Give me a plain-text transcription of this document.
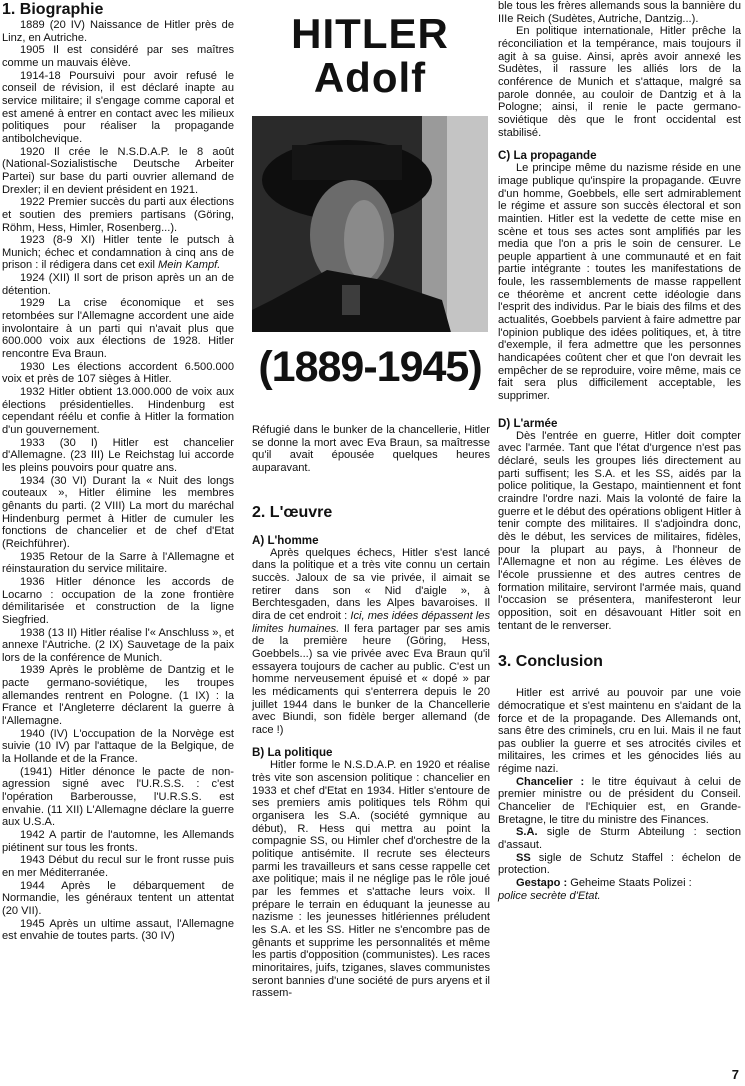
1. Biographie

1889 (20 IV) Naissance de Hitler près de Linz, en Autriche.

1905 Il est considéré par ses maîtres comme un mauvais élève.

1914-18 Poursuivi pour avoir refusé le conseil de révision, il est déclaré inapte au service militaire; il s'engage comme caporal et est amené à entrer en contact avec les milieux politiques pour réaliser la propagande antibolchevique.

1920 Il crée le N.S.D.A.P. le 8 août (National-Sozialistische Deutsche Arbeiter Partei) sur base du parti ouvrier allemand de Drexler; il en devient président en 1921.

1922 Premier succès du parti aux élections et soutien des premiers partisans (Göring, Röhm, Hess, Himler, Rosenberg...).

1923 (8-9 XI) Hitler tente le putsch à Munich; échec et condamnation à cinq ans de prison : il rédigera dans cet exil Mein Kampf.

1924 (XII) Il sort de prison après un an de détention.

1929 La crise économique et ses retombées sur l'Allemagne accordent une aide involontaire à un parti qui n'avait plus que 600.000 voix aux élections de 1928. Hitler rencontre Eva Braun.

1930 Les élections accordent 6.500.000 voix et près de 107 sièges à Hitler.

1932 Hitler obtient 13.000.000 de voix aux élections présidentielles. Hindenburg est cependant réélu et confie à Hitler la formation d'un gouvernement.

1933 (30 I) Hitler est chancelier d'Allemagne. (23 III) Le Reichstag lui accorde les pleins pouvoirs pour quatre ans.

1934 (30 VI) Durant la « Nuit des longs couteaux », Hitler élimine les membres gênants du parti. (2 VIII) La mort du maréchal Hindenburg permet à Hitler de cumuler les fonctions de chancelier et de chef d'Etat (Reichführer).

1935 Retour de la Sarre à l'Allemagne et réinstauration du service militaire.

1936 Hitler dénonce les accords de Locarno : occupation de la zone frontière démilitarisée et construction de la ligne Siegfried.

1938 (13 II) Hitler réalise l'« Anschluss », et annexe l'Autriche. (2 IX) Sauvetage de la paix lors de la conférence de Munich.

1939 Après le problème de Dantzig et le pacte germano-soviétique, les troupes allemandes rentrent en Pologne. (1 IX) : la France et l'Angleterre déclarent la guerre à l'Allemagne.

1940 (IV) L'occupation de la Norvège est suivie (10 IV) par l'attaque de la Belgique, de la Hollande et de la France.

(1941) Hitler dénonce le pacte de non-agression signé avec l'U.R.S.S. : c'est l'opération Barberousse, l'U.R.S.S. est envahie. (11 XII) L'Allemagne déclare la guerre aux U.S.A.

1942 A partir de l'automne, les Allemands piétinent sur tous les fronts.

1943 Début du recul sur le front russe puis en mer Méditerranée.

1944 Après le débarquement de Normandie, les généraux tentent un attentat (20 VII).

1945 Après un ultime assaut, l'Allemagne est envahie de toutes parts. (30 IV)

HITLER
Adolf
(1889-1945)

Réfugié dans le bunker de la chancellerie, Hitler se donne la mort avec Eva Braun, sa maîtresse qu'il avait épousée quelques heures auparavant.

2. L'œuvre
A) L'homme

Après quelques échecs, Hitler s'est lancé dans la politique et a très vite connu un certain succès. Jaloux de sa vie privée, il aimait se retirer dans son « Nid d'aigle », à Berchtesgaden, dans les Alpes bavaroises. Il dira de cet endroit : Ici, mes idées dépassent les limites humaines. Il fera partager par ses amis de la première heure (Göring, Hess, Goebbels...) sa vie privée avec Eva Braun qu'il essayera toujours de cacher au public. C'est un homme nerveusement épuisé et « dopé » par les médicaments qui s'enterrera depuis le 20 juillet 1944 dans le bunker de la Chancellerie avec Biundi, son fidèle berger allemand (de race !)

B) La politique

Hitler forme le N.S.D.A.P. en 1920 et réalise très vite son ascension politique : chancelier en 1933 et chef d'Etat en 1934. Hitler s'entoure de ses premiers amis politiques tels Röhm qui organisera les S.A. (société gymnique au début), R. Hess qui mettra au point la compagnie SS, ou Himler chef d'orchestre de la politique antisémite. Il recrute ses électeurs parmi les travailleurs et sans cesse rappelle cet axe politique; mais il ne néglige pas le rôle joué par les femmes et s'attache leurs voix. Il prépare le terrain en éduquant la jeunesse au nazisme : les jeunesses hitlériennes préludent les S.A. et les SS. Hitler ne s'encombre pas de gênants et supprime les personnalités et même les partis d'opposition (communistes). Les races minoritaires, juifs, tziganes, slaves communistes seront bannies d'une société de purs aryens et il rassem-

ble tous les frères allemands sous la bannière du IIIe Reich (Sudètes, Autriche, Dantzig...).

En politique internationale, Hitler prêche la réconciliation et la tempérance, mais toujours il agit à sa guise. Ainsi, après avoir annexé les Sudètes, il rassure les alliés lors de la conférence de Munich et s'attaque, malgré sa parole donnée, au couloir de Dantzig et à la Pologne; ainsi, il renie le pacte germano-soviétique dès que le front occidental est stabilisé.

C) La propagande

Le principe même du nazisme réside en une image publique qu'inspire la propagande. Œuvre d'un homme, Goebbels, elle sert admirablement le régime et assure son succès électoral et son maintien. Hitler est la vedette de cette mise en scène et tous ses actes sont amplifiés par les media que l'on a pris le soin de censurer. Le peuple appartient à une communauté et en fait partie intégrante : toutes les manifestations de foule, les rassemblements de masse rappellent ce théorème et ancrent cette idéologie dans l'esprit des individus. Par le biais des films et des actualités, Goebbels parvient à faire admettre par l'opinion publique des idées politiques, et, à titre d'exemple, il fera admettre que les personnes handicapées coûtent cher et que l'on devrait les empêcher de se reproduire, voire même, mais ce fait sera plus difficilement acceptable, les supprimer.

D) L'armée

Dès l'entrée en guerre, Hitler doit compter avec l'armée. Tant que l'état d'urgence n'est pas déclaré, seuls les groupes liés directement au parti suffisent; les S.A. et les SS, aidés par la police politique, la Gestapo, maintiennent et font craindre l'ordre nazi. Mais la volonté de faire la guerre et le début des opérations obligent Hitler à tenir compte des militaires. Il s'adjoindra donc, dès le début, les services de militaires, fidèles, pour la plupart au pays, à l'honneur de l'Allemagne et non au régime. Les élèves de l'école prussienne et des autres centres de formation militaire, serviront l'armée mais, quand l'occasion se présentera, manifesteront leur opposition, soit en désavouant Hitler soit en tentant de le renverser.

3. Conclusion

Hitler est arrivé au pouvoir par une voie démocratique et s'est maintenu en s'aidant de la force et de la propagande. Des Allemands ont, sans être des criminels, cru en lui. Mais il ne faut pas oublier la guerre et ses atrocités civiles et militaires, les crimes et les génocides liés au régime nazi.

Chancelier : le titre équivaut à celui de premier ministre ou de président du Conseil. Chancelier de l'Echiquier est, en Grande-Bretagne, le titre du ministre des Finances.

S.A. sigle de Sturm Abteilung : section d'assaut.

SS sigle de Schutz Staffel : échelon de protection.

Gestapo : Geheime Staats Polizei :

police secrète d'Etat.

7
